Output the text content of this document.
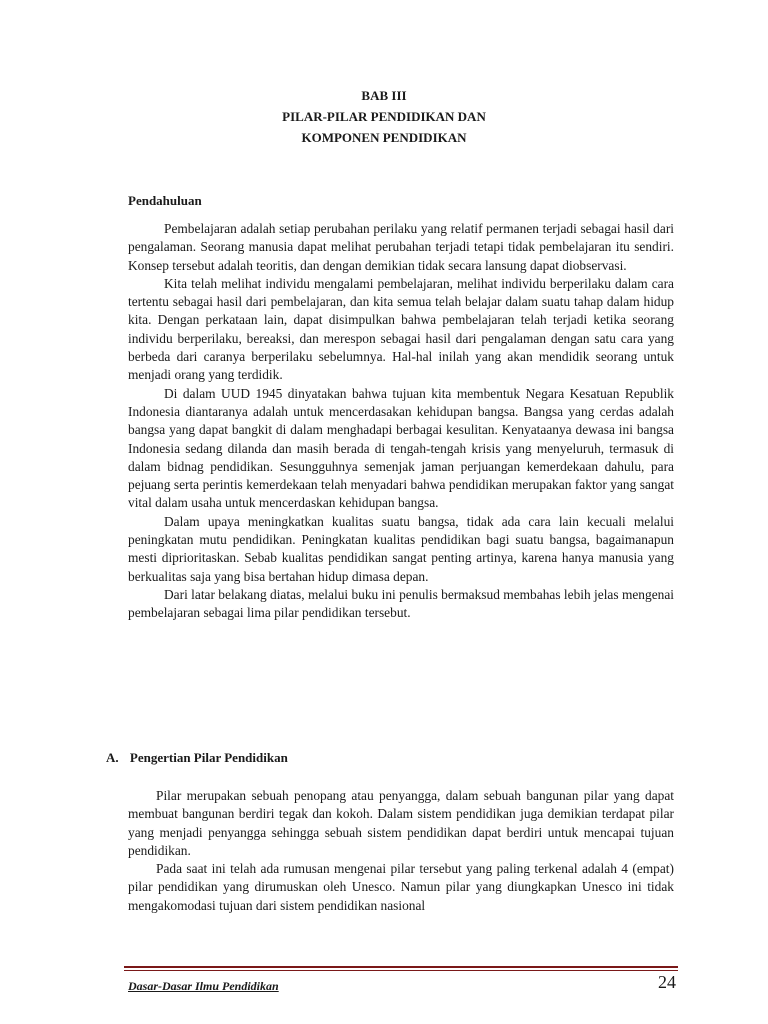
BAB III
PILAR-PILAR PENDIDIKAN DAN
KOMPONEN PENDIDIKAN
Pendahuluan

Pembelajaran adalah setiap perubahan perilaku yang relatif permanen terjadi sebagai hasil dari pengalaman. Seorang manusia dapat melihat perubahan terjadi tetapi tidak pembelajaran itu sendiri. Konsep tersebut adalah teoritis, dan dengan demikian tidak secara lansung dapat diobservasi.

Kita telah melihat individu mengalami pembelajaran, melihat individu berperilaku dalam cara tertentu sebagai hasil dari pembelajaran, dan kita semua telah belajar dalam suatu tahap dalam hidup kita. Dengan perkataan lain, dapat disimpulkan bahwa pembelajaran telah terjadi ketika seorang individu berperilaku, bereaksi, dan merespon sebagai hasil dari pengalaman dengan satu cara yang berbeda dari caranya berperilaku sebelumnya. Hal-hal inilah yang akan mendidik seorang untuk menjadi orang yang terdidik.

Di dalam UUD 1945 dinyatakan bahwa tujuan kita membentuk Negara Kesatuan Republik Indonesia diantaranya adalah untuk mencerdasakan kehidupan bangsa. Bangsa yang cerdas adalah bangsa yang dapat bangkit di dalam menghadapi berbagai kesulitan. Kenyataanya dewasa ini bangsa Indonesia sedang dilanda dan masih berada di tengah-tengah krisis yang menyeluruh, termasuk di dalam bidnag pendidikan. Sesungguhnya semenjak jaman perjuangan kemerdekaan dahulu, para pejuang serta perintis kemerdekaan telah menyadari bahwa pendidikan merupakan faktor yang sangat vital dalam usaha untuk mencerdaskan kehidupan bangsa.

Dalam upaya meningkatkan kualitas suatu bangsa, tidak ada cara lain kecuali melalui peningkatan mutu pendidikan. Peningkatan kualitas pendidikan bagi suatu bangsa, bagaimanapun mesti diprioritaskan. Sebab kualitas pendidikan sangat penting artinya, karena hanya manusia yang berkualitas saja yang bisa bertahan hidup dimasa depan.

Dari latar belakang diatas, melalui buku ini penulis bermaksud membahas lebih jelas mengenai pembelajaran sebagai lima pilar pendidikan tersebut.

A. Pengertian Pilar Pendidikan

Pilar merupakan sebuah penopang atau penyangga, dalam sebuah bangunan pilar yang dapat membuat bangunan berdiri tegak dan kokoh. Dalam sistem pendidikan juga demikian terdapat pilar yang menjadi penyangga sehingga sebuah sistem pendidikan dapat berdiri untuk mencapai tujuan pendidikan.

Pada saat ini telah ada rumusan mengenai pilar tersebut yang paling terkenal adalah 4 (empat) pilar pendidikan yang dirumuskan oleh Unesco. Namun pilar yang diungkapkan Unesco ini tidak mengakomodasi tujuan dari sistem pendidikan nasional

Dasar-Dasar Ilmu Pendidikan	24
